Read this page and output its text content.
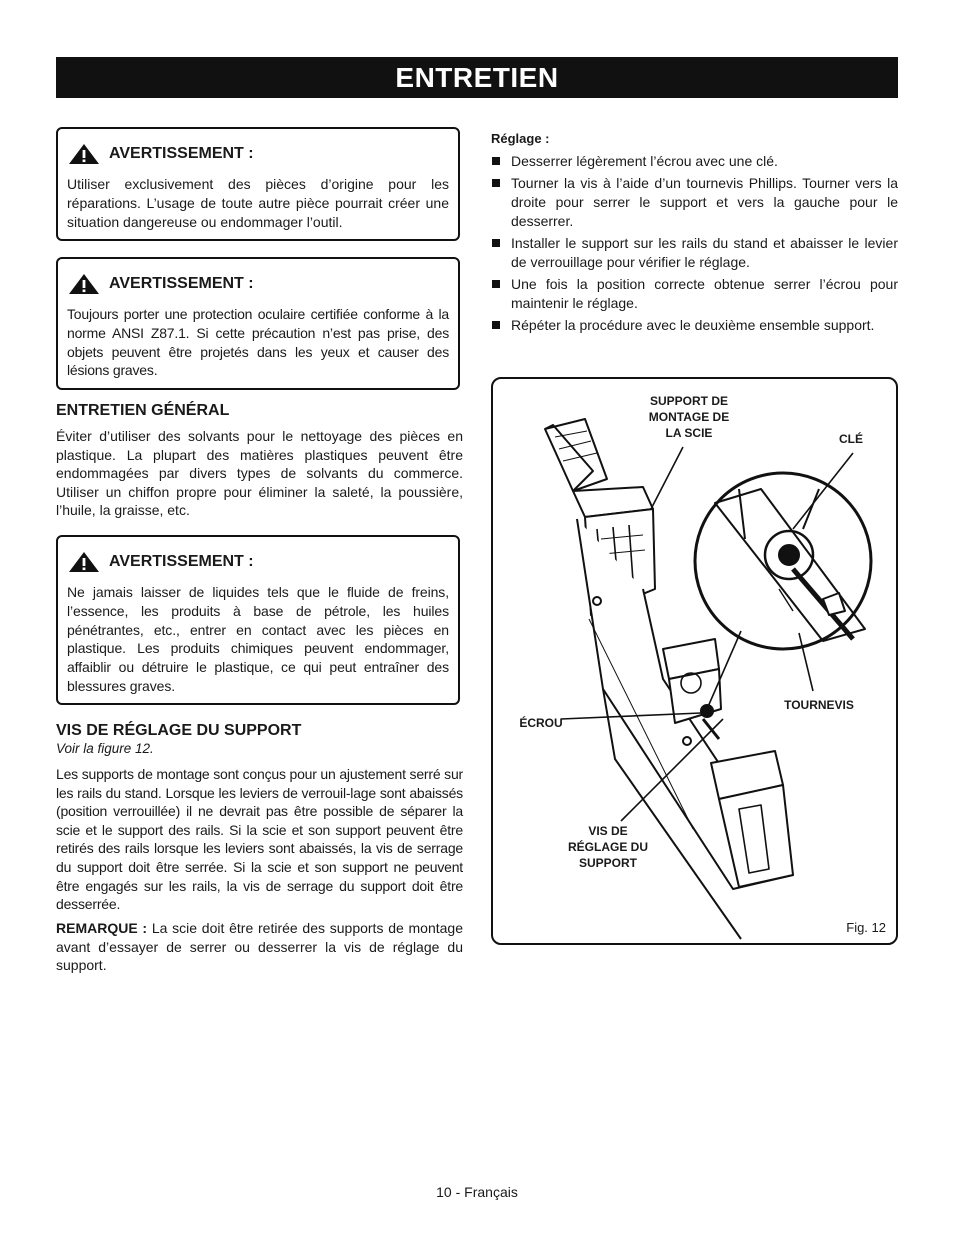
ENTRETIEN
AVERTISSEMENT :

Utiliser exclusivement des pièces d’origine pour les réparations. L’usage de toute autre pièce pourrait créer une situation dangereuse ou endommager l’outil.

AVERTISSEMENT :

Toujours porter une protection oculaire certifiée conforme à la norme ANSI Z87.1. Si cette précaution n’est pas prise, des objets peuvent être projetés dans les yeux et causer des lésions graves.

ENTRETIEN GÉNÉRAL

Éviter d’utiliser des solvants pour le nettoyage des pièces en plastique. La plupart des matières plastiques peuvent être endommagées par divers types de solvants du commerce. Utiliser un chiffon propre pour éliminer la saleté, la poussière, l’huile, la graisse, etc.

AVERTISSEMENT :

Ne jamais laisser de liquides tels que le fluide de freins, l’essence, les produits à base de pétrole, les huiles pénétrantes, etc., entrer en contact avec les pièces en plastique. Les produits chimiques peuvent endommager, affaiblir ou détruire le plastique, ce qui peut entraîner des blessures graves.

VIS DE RÉGLAGE DU SUPPORT

Voir la figure 12.

Les supports de montage sont conçus pour un ajustement serré sur les rails du stand. Lorsque les leviers de verrouil-lage sont abaissés (position verrouillée) il ne devrait pas être possible de séparer la scie et le support des rails. Si la scie et son support peuvent être retirés des rails lorsque les leviers sont abaissés, la vis de serrage du support doit être serrée. Si la scie et son support ne peuvent être engagés sur les rails, la vis de serrage du support doit être desserrée.

REMARQUE : La scie doit être retirée des supports de montage avant d’essayer de serrer ou desserrer la vis de réglage du support.

Réglage :

Desserrer légèrement l’écrou avec une clé.
Tourner la vis à l’aide d’un tournevis Phillips. Tourner vers la droite pour serrer le support et vers la gauche pour le desserrer.
Installer le support sur les rails du stand et abaisser le levier de verrouillage pour vérifier le réglage.
Une fois la position correcte obtenue serrer l’écrou pour maintenir le réglage.
Répéter la procédure avec le deuxième ensemble support.
SUPPORT DE MONTAGE DE LA SCIE	CLÉ
TOURNEVIS
ÉCROU
VIS DE RÉGLAGE DU SUPPORT
Fig. 12
10 - Français
